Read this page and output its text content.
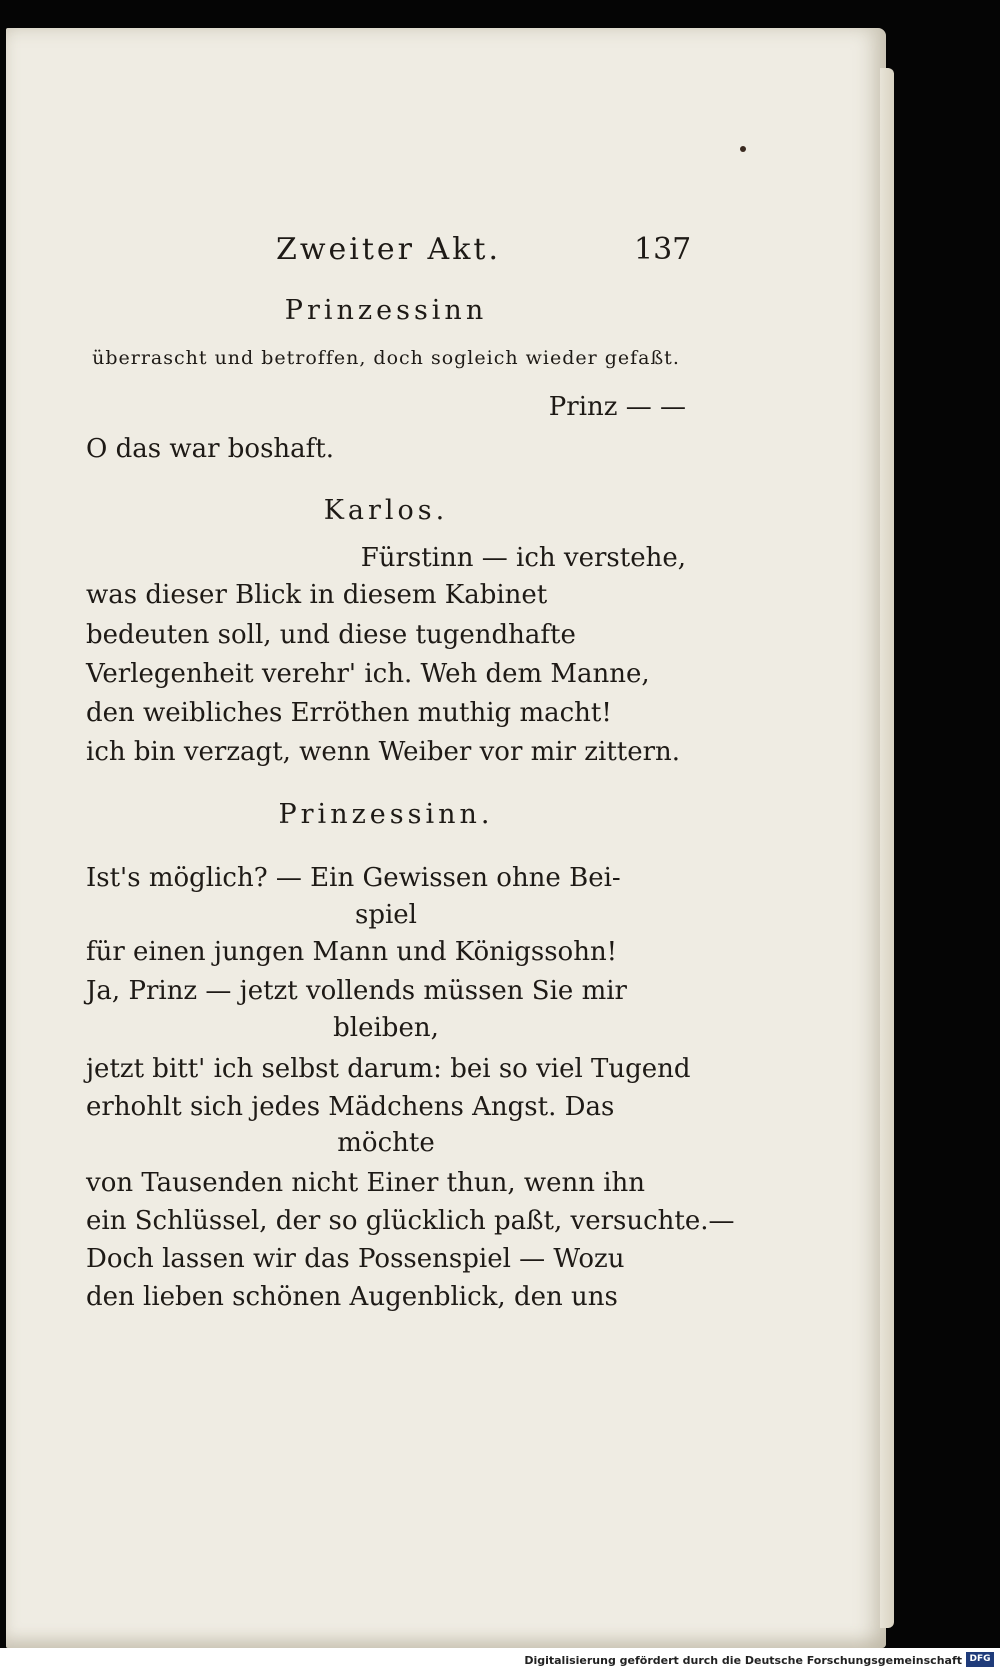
Zweiter Akt.	137
Prinzessinn
überrascht und betroffen, doch sogleich wieder gefaßt.
Prinz — —
O das war boshaft.
Karlos.
Fürstinn — ich verstehe,
was dieser Blick in diesem Kabinet
bedeuten soll, und diese tugendhafte
Verlegenheit verehr' ich. Weh dem Manne,
den weibliches Erröthen muthig macht!
ich bin verzagt, wenn Weiber vor mir zittern.
Prinzessinn.
Ist's möglich? — Ein Gewissen ohne Bei-
spiel
für einen jungen Mann und Königssohn!
Ja, Prinz — jetzt vollends müssen Sie mir
bleiben,
jetzt bitt' ich selbst darum: bei so viel Tugend
erhohlt sich jedes Mädchens Angst. Das
möchte
von Tausenden nicht Einer thun, wenn ihn
ein Schlüssel, der so glücklich paßt, versuchte.—
Doch lassen wir das Possenspiel — Wozu
den lieben schönen Augenblick, den uns
Digitalisierung gefördert durch die Deutsche Forschungsgemeinschaft DFG
